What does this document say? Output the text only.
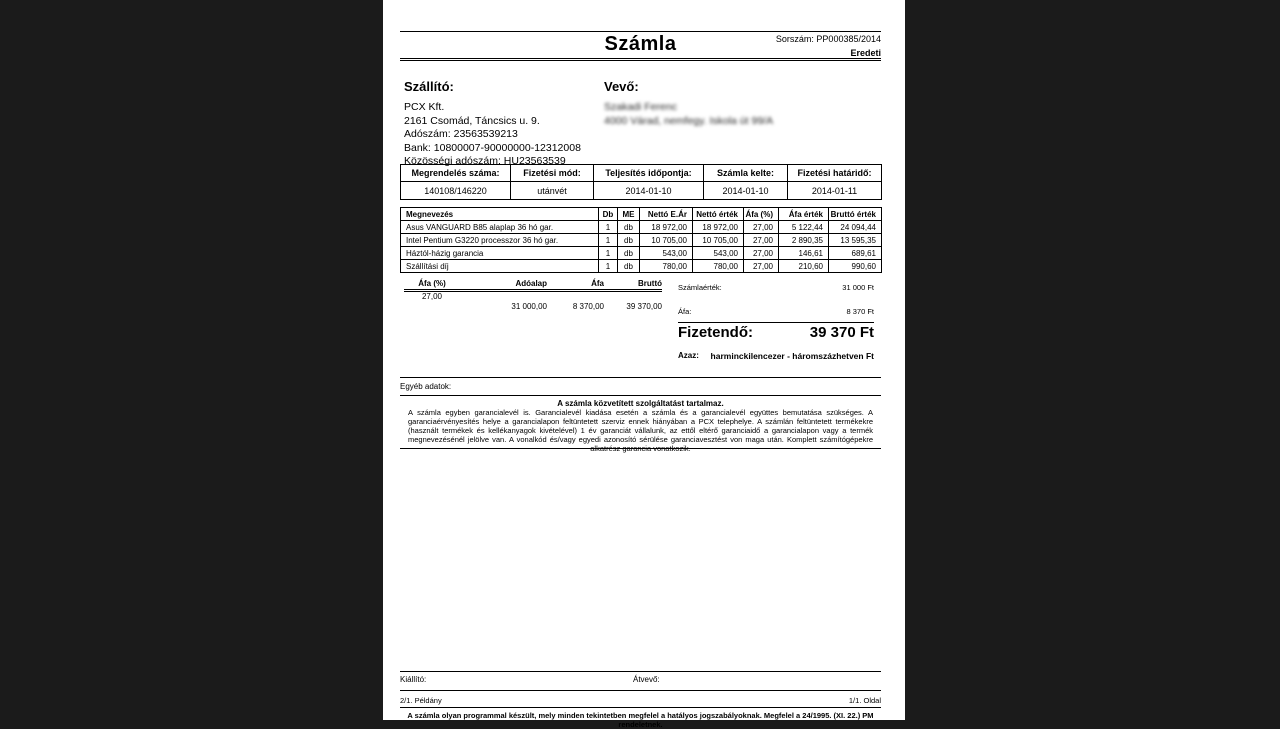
Számla	Sorszám: PP000385/2014
Eredeti
Szállító:
PCX Kft.
2161 Csomád, Táncsics u. 9.
Adószám: 23563539213
Bank: 10800007-90000000-12312008
Közösségi adószám: HU23563539
Vevő:
Szakadi Ferenc
4000 Várad, nemfegy. Iskola út 99/A
Megrendelés száma:	Fizetési mód:	Teljesítés időpontja:	Számla kelte:	Fizetési határidő:
140108/146220	utánvét	2014-01-10	2014-01-10	2014-01-11
Megnevezés	Db	ME	Nettó E.Ár	Nettó érték	Áfa (%)	Áfa érték	Bruttó érték
Asus VANGUARD B85 alaplap 36 hó gar.	1	db	18 972,00	18 972,00	27,00	5 122,44	24 094,44
Intel Pentium G3220 processzor 36 hó gar.	1	db	10 705,00	10 705,00	27,00	2 890,35	13 595,35
Háztól-házig garancia	1	db	543,00	543,00	27,00	146,61	689,61
Szállítási díj	1	db	780,00	780,00	27,00	210,60	990,60
Áfa (%)	Adóalap	Áfa	Bruttó
27,00			
	31 000,00	8 370,00	39 370,00
Számlaérték:	31 000 Ft
Áfa:	8 370 Ft
Fizetendő:	39 370 Ft
Azaz: harminckilencezer - háromszázhetven Ft
Egyéb adatok:
A számla közvetített szolgáltatást tartalmaz.
A számla egyben garancialevél is. Garancialevél kiadása esetén a számla és a garancialevél együttes bemutatása szükséges. A garanciaérvényesítés helye a garancialapon feltüntetett szerviz ennek hiányában a PCX telephelye. A számlán feltüntetett termékekre (használt termékek és kellékanyagok kivételével) 1 év garanciát vállalunk, az ettől eltérő garanciaidő a garancialapon vagy a termék megnevezésénél jelölve van. A vonalkód és/vagy egyedi azonosító sérülése garanciavesztést von maga után. Komplett számítógépekre alkatrész garancia vonatkozik.
Kiállító:	Átvevő:
2/1. Példány	1/1. Oldal
A számla olyan programmal készült, mely minden tekintetben megfelel a hatályos jogszabályoknak. Megfelel a 24/1995. (XI. 22.) PM rendeletnek.
